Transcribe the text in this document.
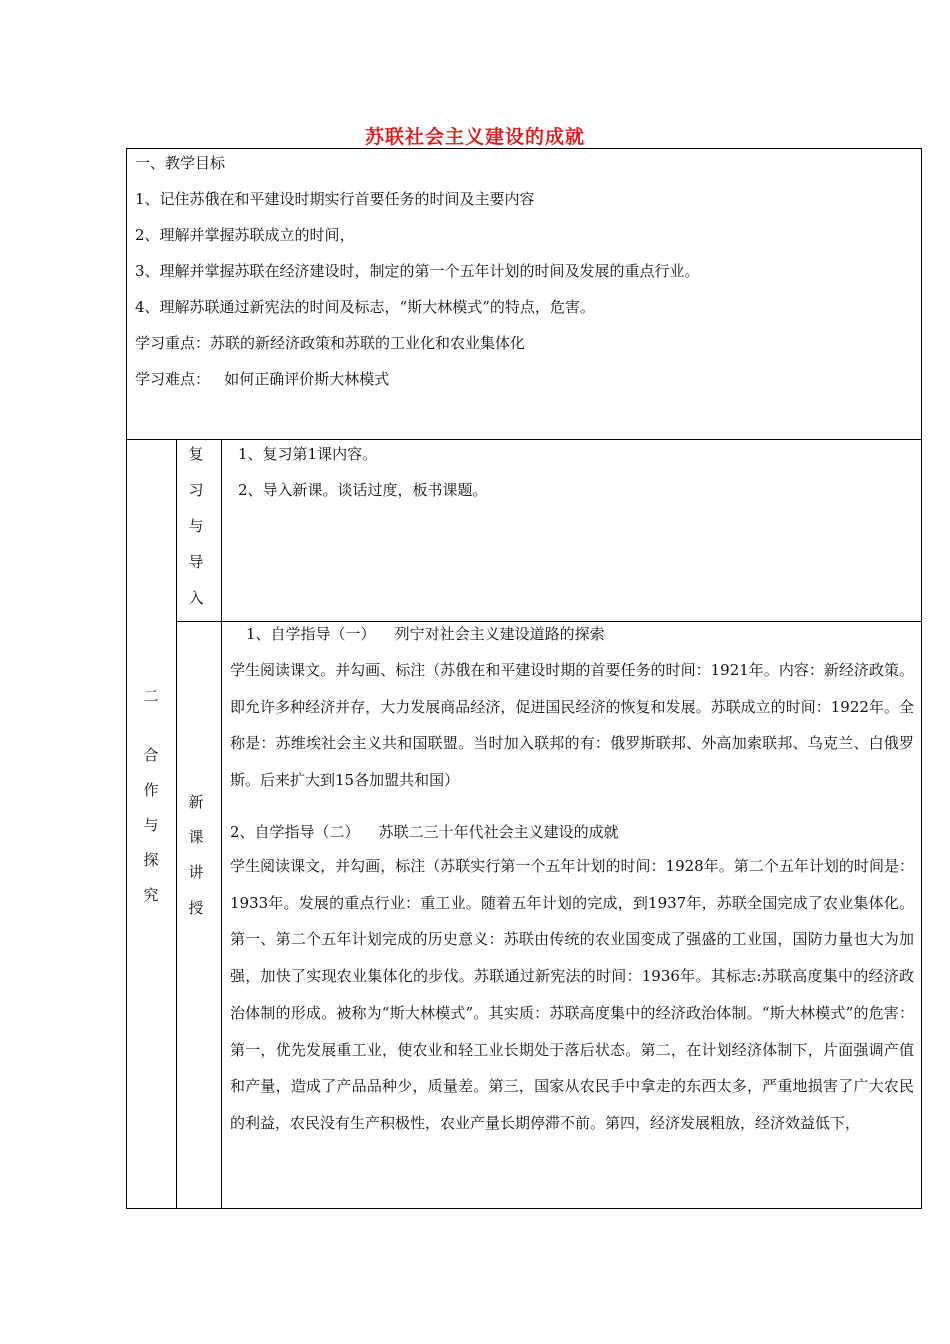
苏联社会主义建设的成就
一、教学目标
1、记住苏俄在和平建设时期实行首要任务的时间及主要内容
2、理解并掌握苏联成立的时间，
3、理解并掌握苏联在经济建设时，制定的第一个五年计划的时间及发展的重点行业。
4、理解苏联通过新宪法的时间及标志，“斯大林模式”的特点，危害。
学习重点：苏联的新经济政策和苏联的工业化和农业集体化
学习难点：   如何正确评价斯大林模式
二
合
作
与
探
究
复
习
与
导
入
1、复习第1课内容。
2、导入新课。谈话过度，板书课题。
新
课
讲
授
1、自学指导（一）    列宁对社会主义建设道路的探索
学生阅读课文。并勾画、标注（苏俄在和平建设时期的首要任务的时间：1921年。内容：新经济政策。即允许多种经济并存，大力发展商品经济，促进国民经济的恢复和发展。苏联成立的时间：1922年。全称是：苏维埃社会主义共和国联盟。当时加入联邦的有：俄罗斯联邦、外高加索联邦、乌克兰、白俄罗斯。后来扩大到15各加盟共和国）
2、自学指导（二）    苏联二三十年代社会主义建设的成就
学生阅读课文，并勾画，标注（苏联实行第一个五年计划的时间：1928年。第二个五年计划的时间是：1933年。发展的重点行业：重工业。随着五年计划的完成，到1937年，苏联全国完成了农业集体化。第一、第二个五年计划完成的历史意义：苏联由传统的农业国变成了强盛的工业国，国防力量也大为加强，加快了实现农业集体化的步伐。苏联通过新宪法的时间：1936年。其标志:苏联高度集中的经济政治体制的形成。被称为“斯大林模式”。其实质：苏联高度集中的经济政治体制。“斯大林模式”的危害：第一，优先发展重工业，使农业和轻工业长期处于落后状态。第二，在计划经济体制下，片面强调产值和产量，造成了产品品种少，质量差。第三，国家从农民手中拿走的东西太多，严重地损害了广大农民的利益，农民没有生产积极性，农业产量长期停滞不前。第四，经济发展粗放，经济效益低下，
